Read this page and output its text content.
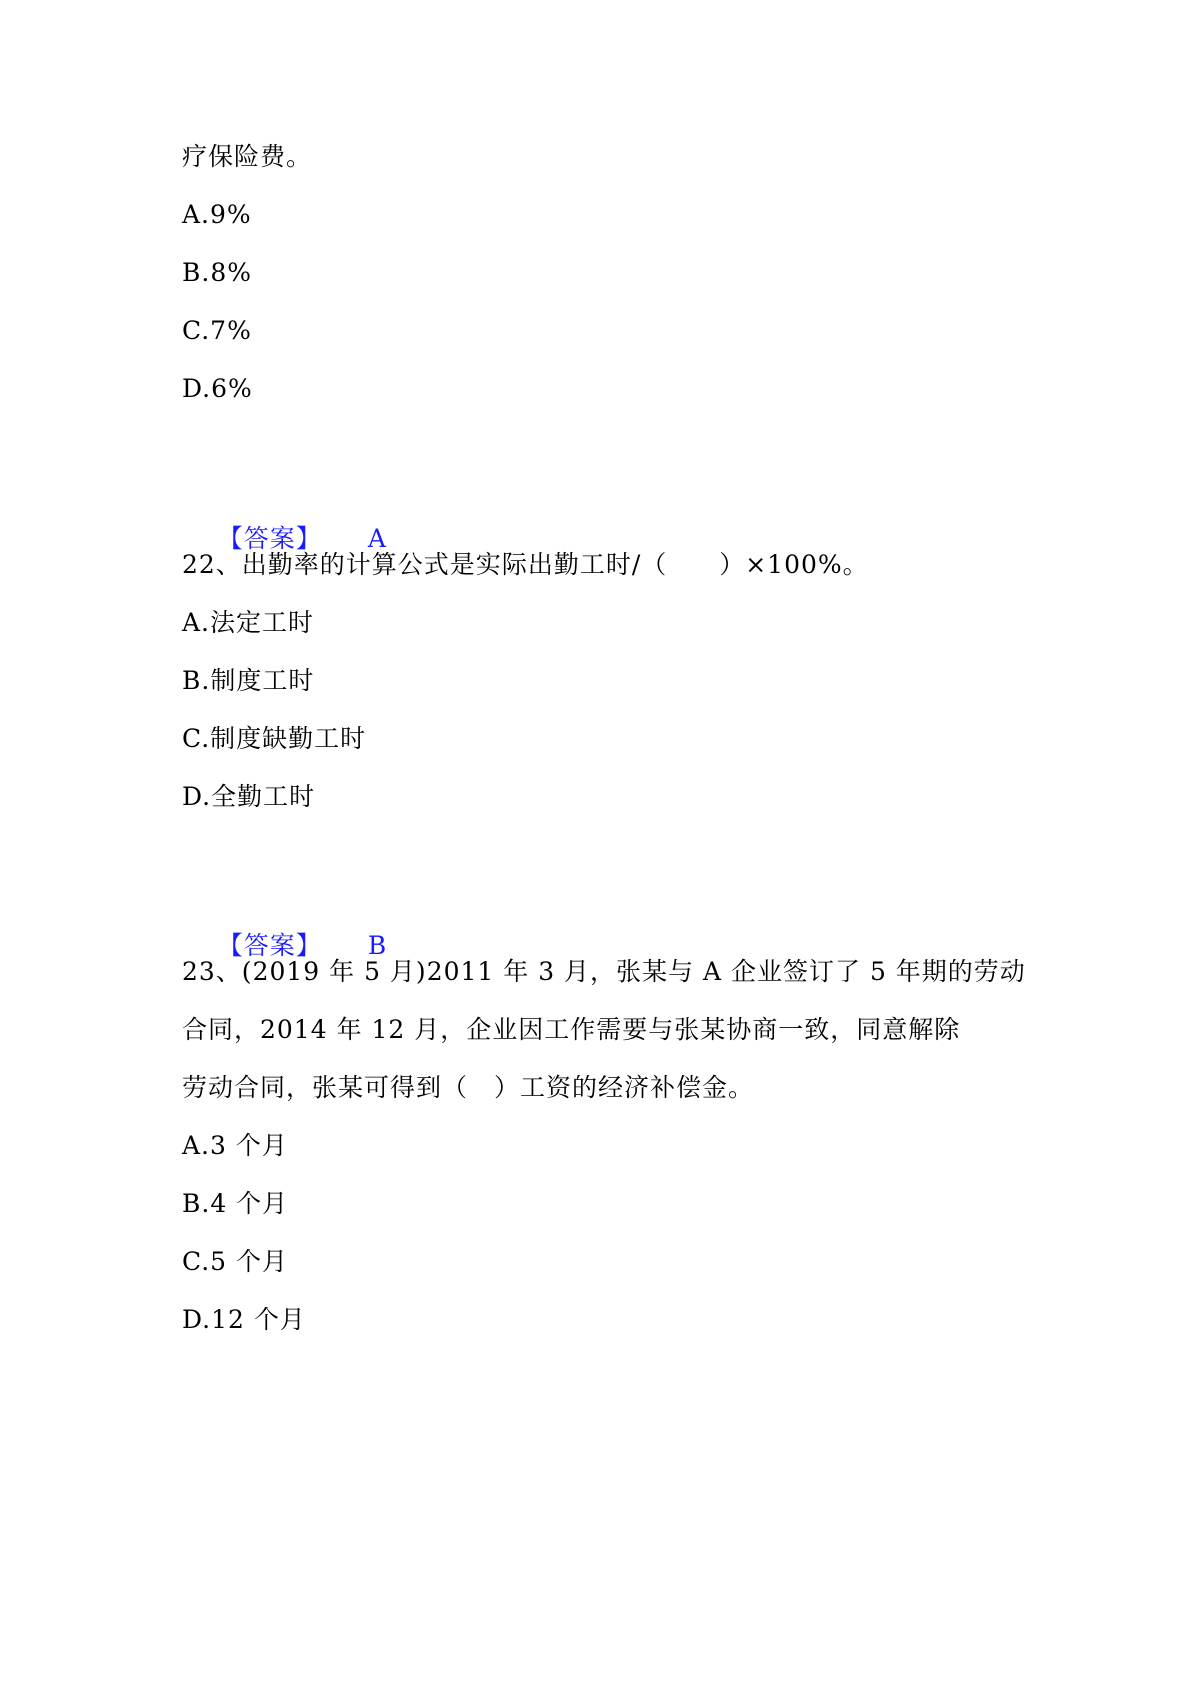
疗保险费。
A.9%
B.8%
C.7%
D.6%

【答案】 A

22、出勤率的计算公式是实际出勤工时/（　　）×100%。
A.法定工时
B.制度工时
C.制度缺勤工时
D.全勤工时

【答案】 B

23、(2019 年 5 月)2011 年 3 月，张某与 A 企业签订了 5 年期的劳动
合同，2014 年 12 月，企业因工作需要与张某协商一致，同意解除
劳动合同，张某可得到（　）工资的经济补偿金。
A.3 个月
B.4 个月
C.5 个月
D.12 个月
